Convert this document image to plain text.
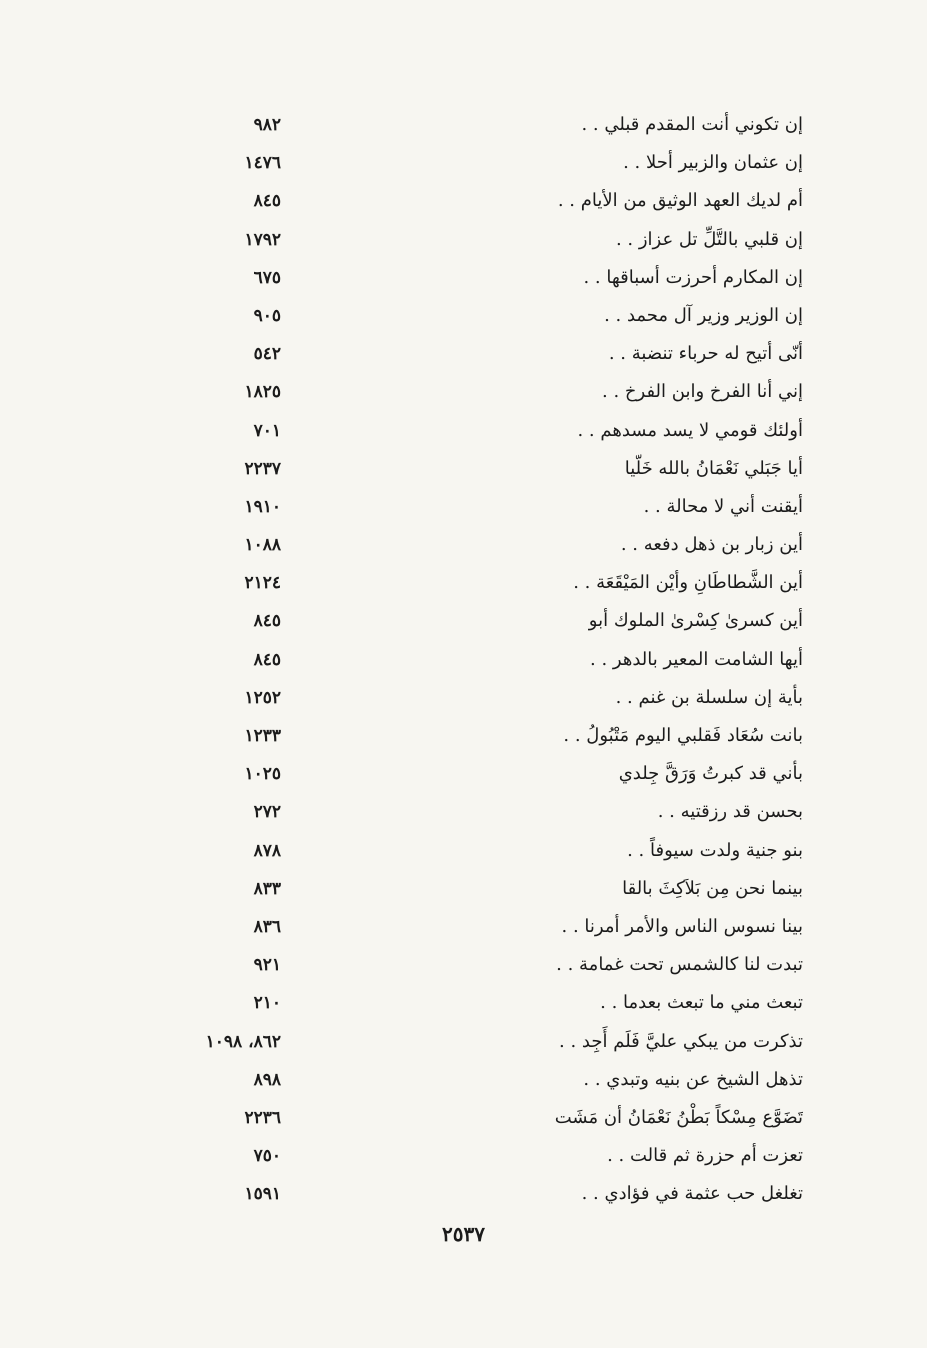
إن تكوني أنت المقدم قبلي . .
٩٨٢
إن عثمان والزبير أحلا . .
١٤٧٦
أم لديك العهد الوثيق من الأيام . .
٨٤٥
إن قلبي بالتَّلِّ تل عزاز . .
١٧٩٢
إن المكارم أحرزت أسباقها . .
٦٧٥
إن الوزير وزير آل محمد . .
٩٠٥
أنّى أتيح له حرباء تنضبة . .
٥٤٢
إني أنا الفرخ وابن الفرخ . .
١٨٢٥
أولئك قومي لا يسد مسدهم . .
٧٠١
أيا جَبَلي نَعْمَانُ بالله خَلّيا
٢٢٣٧
أيقنت أني لا محالة . .
١٩١٠
أين زبار بن ذهل دفعه . .
١٠٨٨
أين الشَّطاطَانِ وأيْن المَيْقَعَة . .
٢١٢٤
أين كسرىٰ كِسْرىٰ الملوك أبو
٨٤٥
أيها الشامت المعير بالدهر . .
٨٤٥
بأية إن سلسلة بن غنم . .
١٢٥٢
بانت سُعَاد فَقلبي اليوم مَتْبُولُ . .
١٢٣٣
بأني قد كبرتُ وَرَقَّ جِلدي
١٠٢٥
بحسن قد رزقتيه . .
٢٧٢
بنو جنية ولدت سيوفاً . .
٨٧٨
بينما نحن مِن بَلاَكِثَ بالقا
٨٣٣
بينا نسوس الناس والأمر أمرنا . .
٨٣٦
تبدت لنا كالشمس تحت غمامة . .
٩٢١
تبعث مني ما تبعث بعدما . .
٢١٠
تذكرت من يبكي عليَّ فَلَم أَجِد . .
٨٦٢، ١٠٩٨
تذهل الشيخ عن بنيه وتبدي . .
٨٩٨
تَضَوَّع مِسْكاً بَطْنُ نَعْمَانُ أن مَشَت
٢٢٣٦
تعزت أم حزرة ثم قالت . .
٧٥٠
تغلغل حب عثمة في فؤادي . .
١٥٩١
٢٥٣٧
